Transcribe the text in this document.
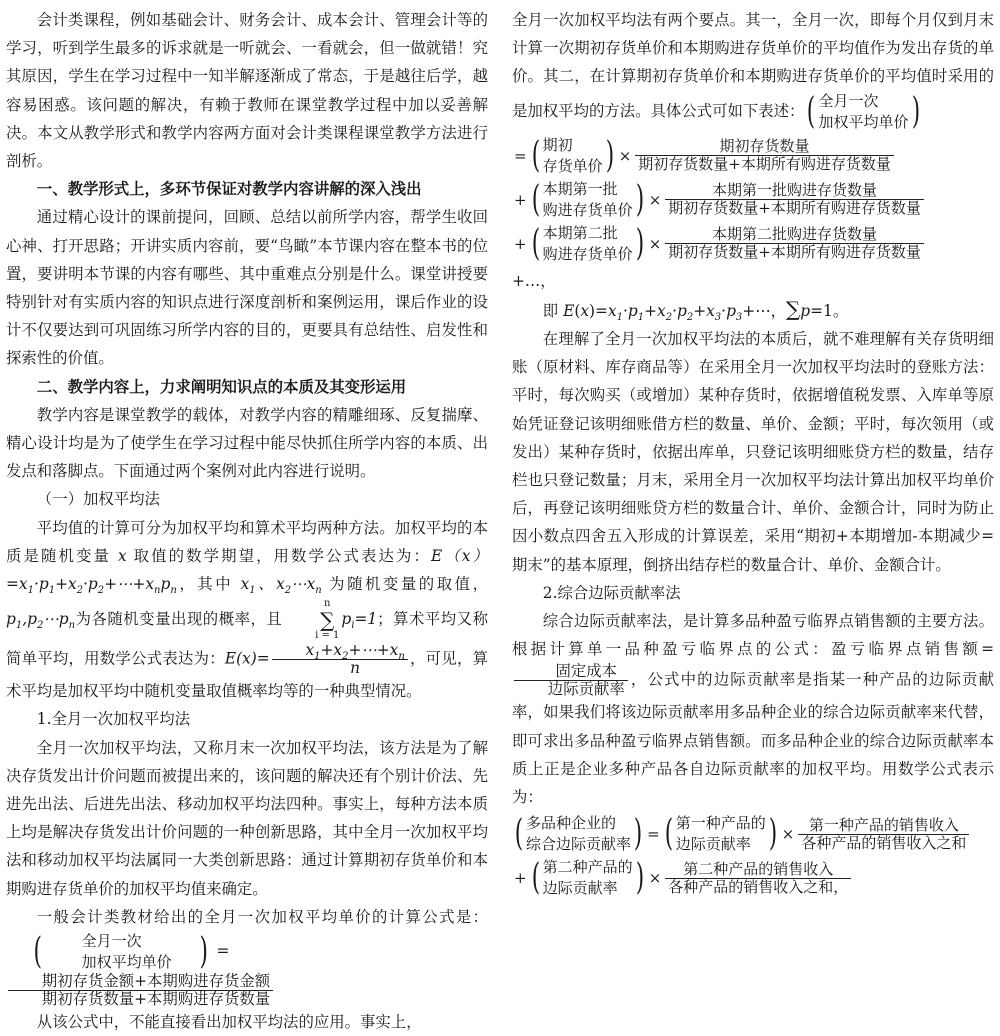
会计类课程，例如基础会计、财务会计、成本会计、管理会计等的学习，听到学生最多的诉求就是一听就会、一看就会，但一做就错！究其原因，学生在学习过程中一知半解逐渐成了常态，于是越往后学，越容易困惑。该问题的解决，有赖于教师在课堂教学过程中加以妥善解决。本文从教学形式和教学内容两方面对会计类课程课堂教学方法进行剖析。

一、教学形式上，多环节保证对教学内容讲解的深入浅出

通过精心设计的课前提问，回顾、总结以前所学内容，帮学生收回心神、打开思路；开讲实质内容前，要“鸟瞰”本节课内容在整本书的位置，要讲明本节课的内容有哪些、其中重难点分别是什么。课堂讲授要特别针对有实质内容的知识点进行深度剖析和案例运用，课后作业的设计不仅要达到可巩固练习所学内容的目的，更要具有总结性、启发性和探索性的价值。

二、教学内容上，力求阐明知识点的本质及其变形运用

教学内容是课堂教学的载体，对教学内容的精雕细琢、反复揣摩、精心设计均是为了使学生在学习过程中能尽快抓住所学内容的本质、出发点和落脚点。下面通过两个案例对此内容进行说明。

（一）加权平均法

平均值的计算可分为加权平均和算术平均两种方法。加权平均的本质是随机变量 x 取值的数学期望，用数学公式表达为：$E(x)=x_1\cdot p_1+x_2\cdot p_2+\cdots+x_np_n$，其中 $x_1$、$x_2\cdots x_n$ 为随机变量的取值，$p_1,p_2\cdots p_n$为各随机变量出现的概率，且
n
∑
i = 1
$p_i=1$；算术平均又称简单平均，用数学公式表达为：$E(x)= \frac{x_1+x_2+\cdots+x_n}{n}$ ，可见，算术平均是加权平均中随机变量取值概率均等的一种典型情况。

1.全月一次加权平均法

全月一次加权平均法，又称月末一次加权平均法，该方法是为了解决存货发出计价问题而被提出来的，该问题的解决还有个别计价法、先进先出法、后进先出法、移动加权平均法四种。事实上，每种方法本质上均是解决存货发出计价问题的一种创新思路，其中全月一次加权平均法和移动加权平均法属同一大类创新思路：通过计算期初存货单价和本期购进存货单价的加权平均值来确定。

一般会计类教材给出的全月一次加权平均单价的计算公式是：
(	全月一次
加权平均单价 ) =
$\frac{\text{期初存货金额+本期购进存货金额}}{\text{期初存货数量+本期购进存货数量}}$

从该公式中，不能直接看出加权平均法的应用。事实上，

全月一次加权平均法有两个要点。其一，全月一次，即每个月仅到月末计算一次期初存货单价和本期购进存货单价的平均值作为发出存货的单价。其二，在计算期初存货单价和本期购进存货单价的平均值时采用的是加权平均的方法。具体公式可如下表述： ( 全月一次
加权平均单价 )
= ( 期初
存货单价 ) × $\frac{\text{期初存货数量}}{\text{期初存货数量+本期所有购进存货数量}}$
+ ( 本期第一批
购进存货单价 ) × $\frac{\text{本期第一批购进存货数量}}{\text{期初存货数量+本期所有购进存货数量}}$
+ ( 本期第二批
购进存货单价 ) × $\frac{\text{本期第二批购进存货数量}}{\text{期初存货数量+本期所有购进存货数量}}$

+…，

即 $E(x)=x_1\cdot p_1+x_2\cdot p_2+x_3\cdot p_3+\cdots$，∑p=1。

在理解了全月一次加权平均法的本质后，就不难理解有关存货明细账（原材料、库存商品等）在采用全月一次加权平均法时的登账方法：平时，每次购买（或增加）某种存货时，依据增值税发票、入库单等原始凭证登记该明细账借方栏的数量、单价、金额；平时，每次领用（或发出）某种存货时，依据出库单，只登记该明细账贷方栏的数量，结存栏也只登记数量；月末，采用全月一次加权平均法计算出加权平均单价后，再登记该明细账贷方栏的数量合计、单价、金额合计，同时为防止因小数点四舍五入形成的计算误差，采用“期初+本期增加-本期减少=期末”的基本原理，倒挤出结存栏的数量合计、单价、金额合计。

2.综合边际贡献率法

综合边际贡献率法，是计算多品种盈亏临界点销售额的主要方法。根据计算单一品种盈亏临界点的公式：盈亏临界点销售额=
$\frac{\text{固定成本}}{\text{边际贡献率}}$ ，公式中的边际贡献率是指某一种产品的边际贡献率，如果我们将该边际贡献率用多品种企业的综合边际贡献率来代替，即可求出多品种盈亏临界点销售额。而多品种企业的综合边际贡献率本质上正是企业多种产品各自边际贡献率的加权平均。用数学公式表示为：

( 多品种企业的
综合边际贡献率 ) = ( 第一种产品的
边际贡献率 ) × $\frac{\text{第一种产品的销售收入}}{\text{各种产品的销售收入之和}}$
+ ( 第二种产品的
边际贡献率 ) × $\frac{\text{第二种产品的销售收入}}{\text{各种产品的销售收入之和，}}$
